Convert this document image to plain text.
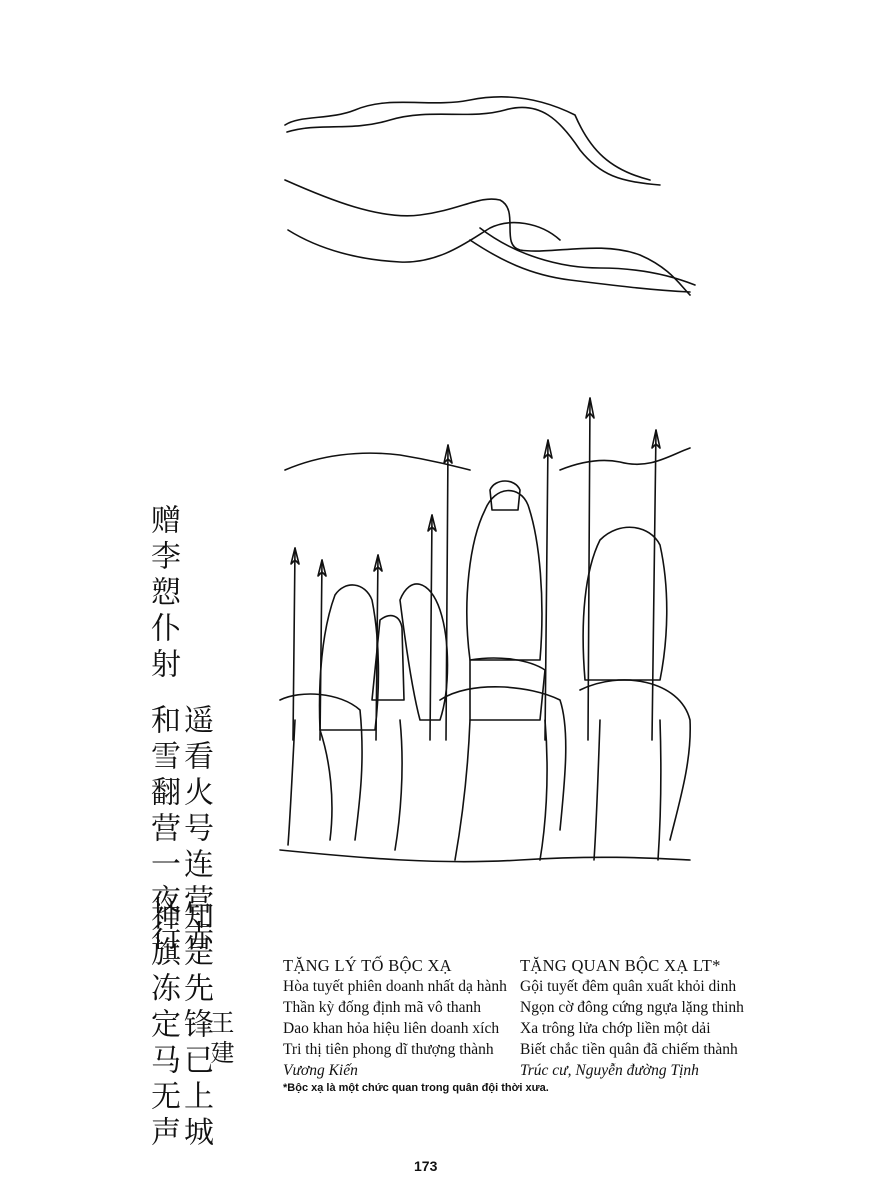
赠李愬仆射
遥看火号连营赤
和雪翻营一夜行
知是先锋已上城
神旗冻定马无声 王建
TẶNG LÝ TỐ BỘC XẠ
Hòa tuyết phiên doanh nhất dạ hành
Thần kỳ đống định mã vô thanh
Dao khan hỏa hiệu liên doanh xích
Tri thị tiên phong dĩ thượng thành
Vương Kiến
TẶNG QUAN BỘC XẠ LT*
Gội tuyết đêm quân xuất khỏi dinh
Ngọn cờ đông cứng ngựa lặng thinh
Xa trông lửa chớp liền một dải
Biết chắc tiền quân đã chiếm thành
Trúc cư, Nguyễn đường Tịnh
*Bộc xạ là một chức quan trong quân đội thời xưa.
173
